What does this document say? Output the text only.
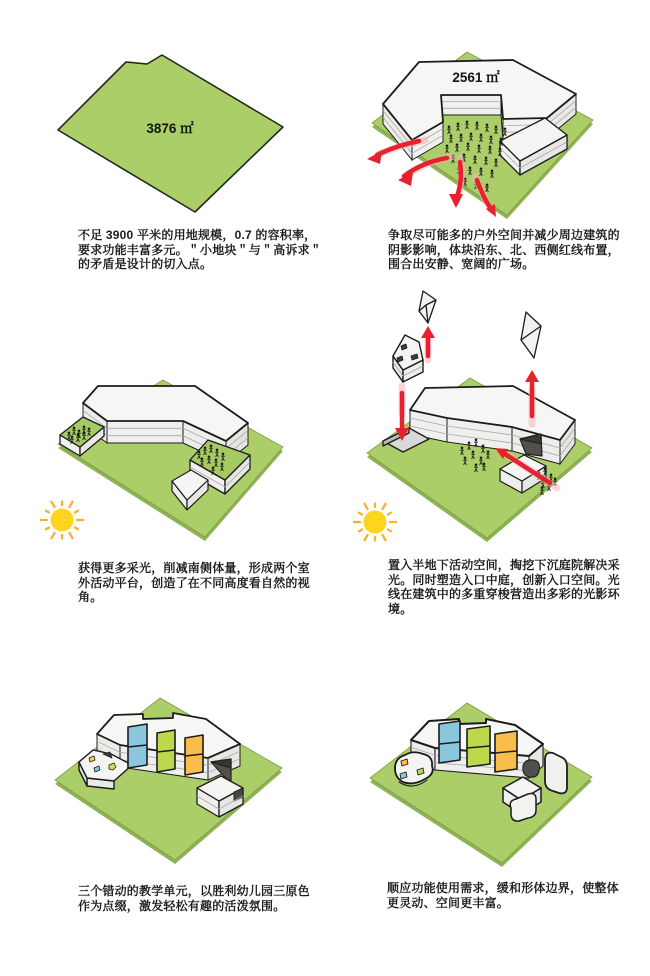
3876 ㎡
2561 ㎡
不足 3900 平米的用地规模，0.7 的容积率，
要求功能丰富多元。＂小地块＂与＂高诉求＂
的矛盾是设计的切入点。
争取尽可能多的户外空间并减少周边建筑的
阴影影响，体块沿东、北、西侧红线布置，
围合出安静、宽阔的广场。
获得更多采光，削减南侧体量，形成两个室
外活动平台，创造了在不同高度看自然的视
角。
置入半地下活动空间，掏挖下沉庭院解决采
光。同时塑造入口中庭，创新入口空间。光
线在建筑中的多重穿梭营造出多彩的光影环
境。
三个错动的教学单元，以胜利幼儿园三原色
作为点缀，激发轻松有趣的活泼氛围。
顺应功能使用需求，缓和形体边界，使整体
更灵动、空间更丰富。
